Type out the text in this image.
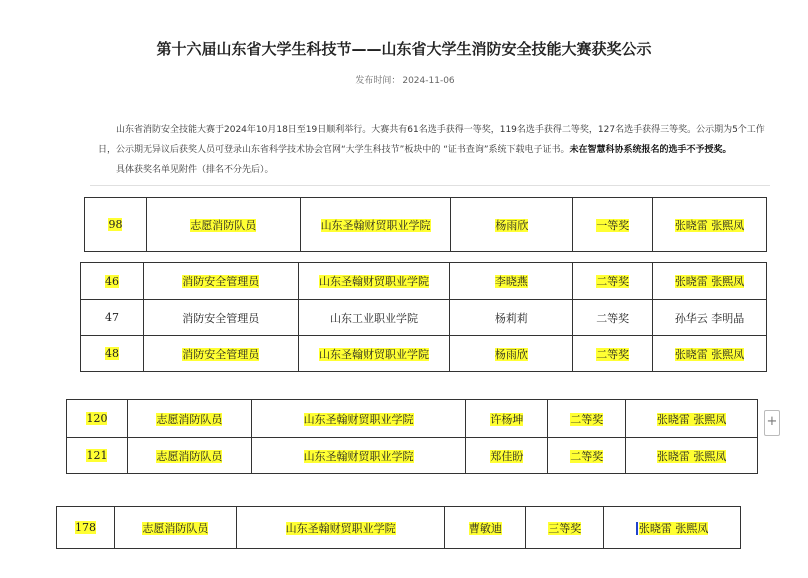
第十六届山东省大学生科技节——山东省大学生消防安全技能大赛获奖公示
发布时间： 2024-11-06

山东省消防安全技能大赛于2024年10月18日至19日顺利举行。大赛共有61名选手获得一等奖，119名选手获得二等奖，127名选手获得三等奖。公示期为5个工作日，公示期无异议后获奖人员可登录山东省科学技术协会官网“大学生科技节”板块中的 “证书查询”系统下载电子证书。未在智慧科协系统报名的选手不予授奖。

具体获奖名单见附件（排名不分先后）。

98	志愿消防队员	山东圣翰财贸职业学院	杨雨欣	一等奖	张晓雷 张熙凤
46	消防安全管理员	山东圣翰财贸职业学院	李晓燕	二等奖	张晓雷 张熙凤
47	消防安全管理员	山东工业职业学院	杨莉莉	二等奖	孙华云 李明晶
48	消防安全管理员	山东圣翰财贸职业学院	杨雨欣	二等奖	张晓雷 张熙凤
120	志愿消防队员	山东圣翰财贸职业学院	许杨坤	二等奖	张晓雷 张熙凤
121	志愿消防队员	山东圣翰财贸职业学院	郑佳盼	二等奖	张晓雷 张熙凤
+
178	志愿消防队员	山东圣翰财贸职业学院	曹敏迪	三等奖	张晓雷 张熙凤
